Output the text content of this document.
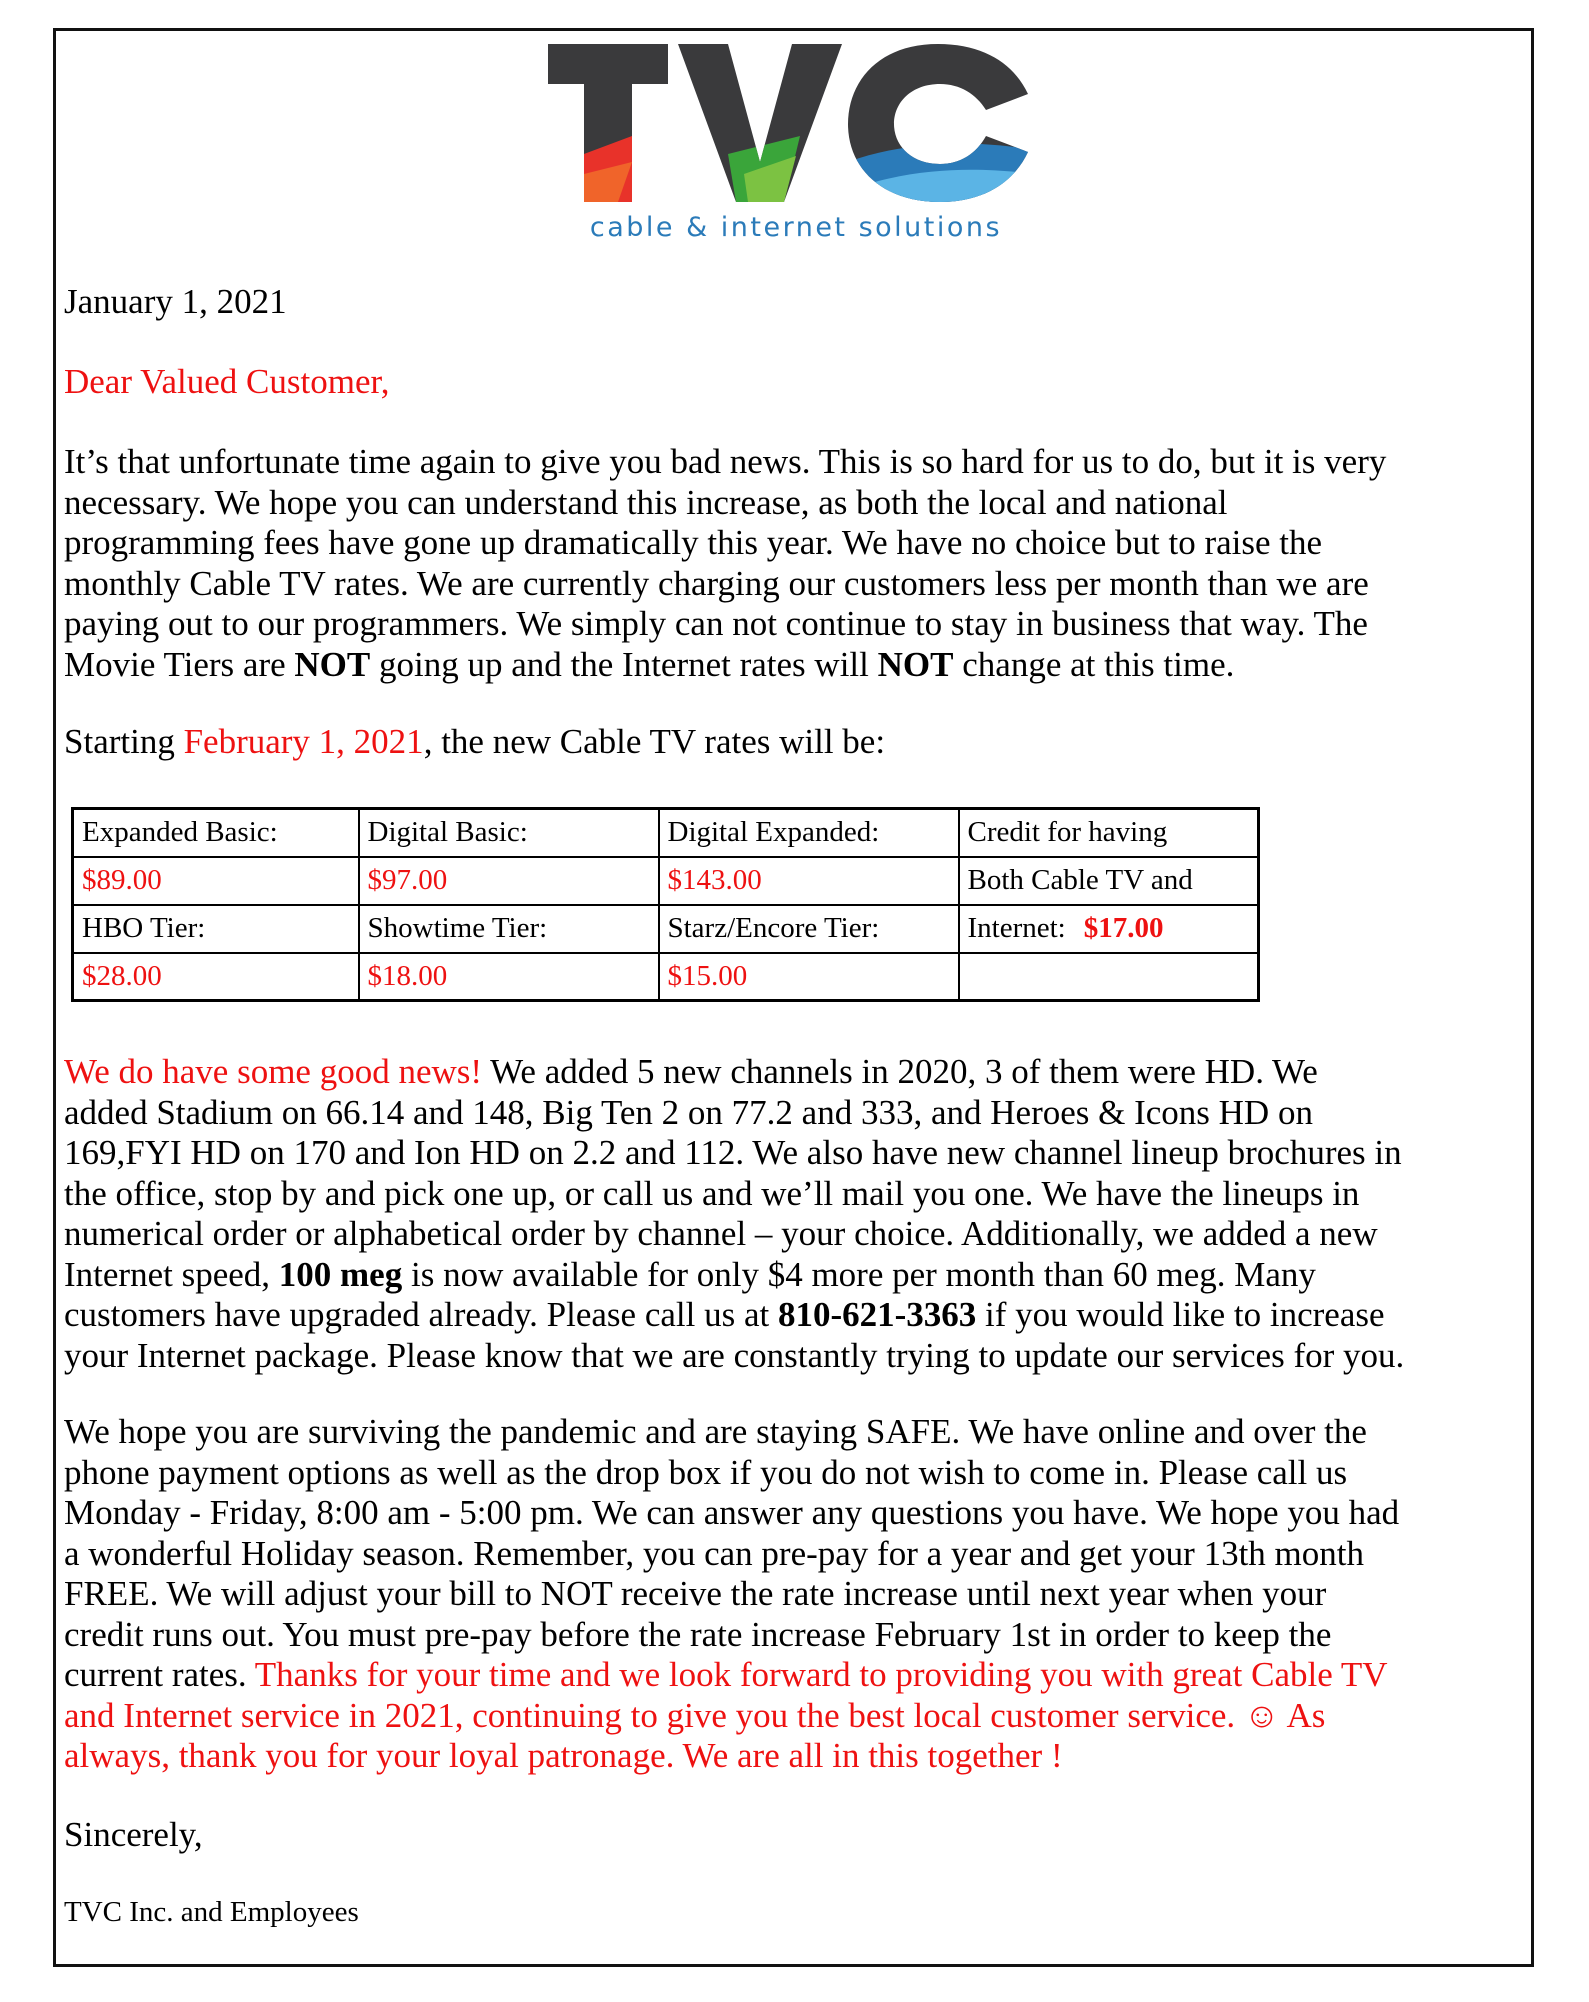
cable & internet solutions
January 1, 2021
Dear Valued Customer,
It’s that unfortunate time again to give you bad news. This is so hard for us to do, but it is very
necessary. We hope you can understand this increase, as both the local and national
programming fees have gone up dramatically this year. We have no choice but to raise the
monthly Cable TV rates. We are currently charging our customers less per month than we are
paying out to our programmers. We simply can not continue to stay in business that way. The
Movie Tiers are NOT going up and the Internet rates will NOT change at this time.
Starting February 1, 2021, the new Cable TV rates will be:
Expanded Basic:	Digital Basic:	Digital Expanded:	Credit for having
$89.00	$97.00	$143.00	Both Cable TV and
HBO Tier:	Showtime Tier:	Starz/Encore Tier:	Internet: $17.00
$28.00	$18.00	$15.00	
We do have some good news! We added 5 new channels in 2020, 3 of them were HD. We
added Stadium on 66.14 and 148, Big Ten 2 on 77.2 and 333, and Heroes & Icons HD on
169,FYI HD on 170 and Ion HD on 2.2 and 112. We also have new channel lineup brochures in
the office, stop by and pick one up, or call us and we’ll mail you one. We have the lineups in
numerical order or alphabetical order by channel – your choice. Additionally, we added a new
Internet speed, 100 meg is now available for only $4 more per month than 60 meg. Many
customers have upgraded already. Please call us at 810-621-3363 if you would like to increase
your Internet package. Please know that we are constantly trying to update our services for you.
We hope you are surviving the pandemic and are staying SAFE. We have online and over the
phone payment options as well as the drop box if you do not wish to come in. Please call us
Monday - Friday, 8:00 am - 5:00 pm. We can answer any questions you have. We hope you had
a wonderful Holiday season. Remember, you can pre-pay for a year and get your 13th month
FREE. We will adjust your bill to NOT receive the rate increase until next year when your
credit runs out. You must pre-pay before the rate increase February 1st in order to keep the
current rates. Thanks for your time and we look forward to providing you with great Cable TV
and Internet service in 2021, continuing to give you the best local customer service. ☺ As
always, thank you for your loyal patronage. We are all in this together !
Sincerely,
TVC Inc. and Employees
